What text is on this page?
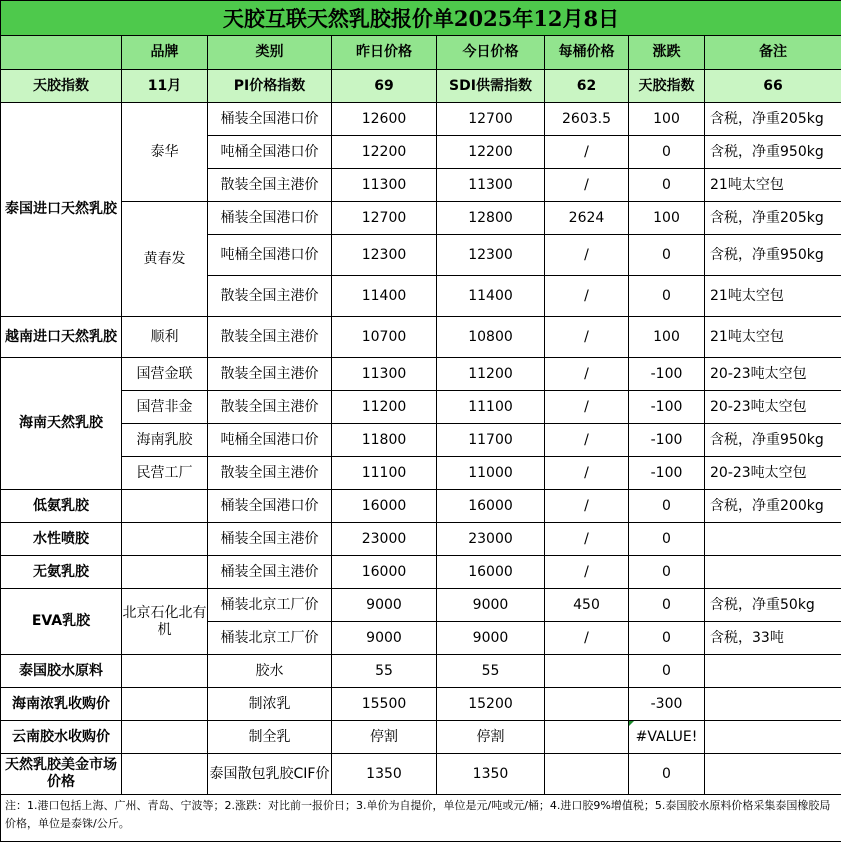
天胶互联天然乳胶报价单2025年12月8日							
	品牌	类别	昨日价格	今日价格	每桶价格	涨跌	备注
天胶指数	11月	PI价格指数	69	SDI供需指数	62	天胶指数	66
泰国进口天然乳胶	泰华	桶装全国港口价	12600	12700	2603.5	100	含税，净重205kg
		吨桶全国港口价	12200	12200	/	0	含税，净重950kg
		散装全国主港价	11300	11300	/	0	21吨太空包
	黄春发	桶装全国港口价	12700	12800	2624	100	含税，净重205kg
		吨桶全国港口价	12300	12300	/	0	含税，净重950kg
		散装全国主港价	11400	11400	/	0	21吨太空包
越南进口天然乳胶	顺利	散装全国主港价	10700	10800	/	100	21吨太空包
海南天然乳胶	国营金联	散装全国主港价	11300	11200	/	-100	20-23吨太空包
	国营非金	散装全国主港价	11200	11100	/	-100	20-23吨太空包
	海南乳胶	吨桶全国港口价	11800	11700	/	-100	含税，净重950kg
	民营工厂	散装全国主港价	11100	11000	/	-100	20-23吨太空包
低氨乳胶		桶装全国港口价	16000	16000	/	0	含税，净重200kg
水性喷胶		桶装全国主港价	23000	23000	/	0	
无氨乳胶		桶装全国主港价	16000	16000	/	0	
EVA乳胶	北京石化北有机	桶装北京工厂价	9000	9000	450	0	含税，净重50kg
		桶装北京工厂价	9000	9000	/	0	含税，33吨
泰国胶水原料		胶水	55	55		0	
海南浓乳收购价		制浓乳	15500	15200		-300	
云南胶水收购价		制全乳	停割	停割		#VALUE!	
天然乳胶美金市场价格		泰国散包乳胶CIF价	1350	1350		0	
注：1.港口包括上海、广州、青岛、宁波等；2.涨跌：对比前一报价日；3.单价为自提价，单位是元/吨或元/桶；4.进口胶9%增值税；5.泰国胶水原料价格采集泰国橡胶局价格，单位是泰铢/公斤。							
